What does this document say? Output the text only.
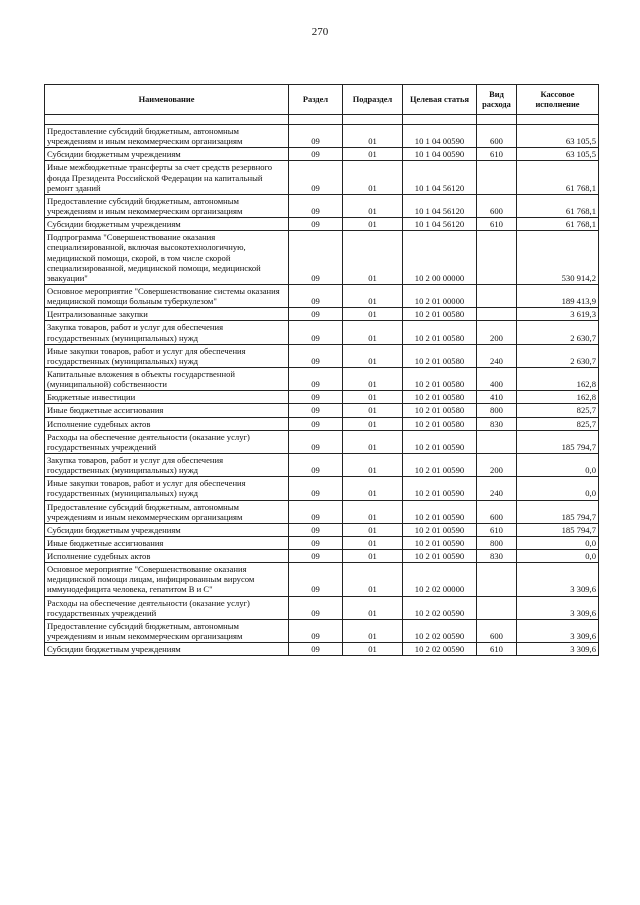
270
Наименование	Раздел	Подраздел	Целевая статья	Вид расхода	Кассовое исполнение

Предоставление субсидий бюджетным, автономным учреждениям и иным некоммерческим организациям	09	01	10 1 04 00590	600	63 105,5
Субсидии бюджетным учреждениям	09	01	10 1 04 00590	610	63 105,5
Иные межбюджетные трансферты за счет средств резервного фонда Президента Российской Федерации на капитальный ремонт зданий	09	01	10 1 04 56120		61 768,1
Предоставление субсидий бюджетным, автономным учреждениям и иным некоммерческим организациям	09	01	10 1 04 56120	600	61 768,1
Субсидии бюджетным учреждениям	09	01	10 1 04 56120	610	61 768,1
Подпрограмма "Совершенствование оказания специализированной, включая высокотехнологичную, медицинской помощи, скорой, в том числе скорой специализированной, медицинской помощи, медицинской эвакуации"	09	01	10 2 00 00000		530 914,2
Основное мероприятие "Совершенствование системы оказания медицинской помощи больным туберкулезом"	09	01	10 2 01 00000		189 413,9
Централизованные закупки	09	01	10 2 01 00580		3 619,3
Закупка товаров, работ и услуг для обеспечения государственных (муниципальных) нужд	09	01	10 2 01 00580	200	2 630,7
Иные закупки товаров, работ и услуг для обеспечения государственных (муниципальных) нужд	09	01	10 2 01 00580	240	2 630,7
Капитальные вложения в объекты государственной (муниципальной) собственности	09	01	10 2 01 00580	400	162,8
Бюджетные инвестиции	09	01	10 2 01 00580	410	162,8
Иные бюджетные ассигнования	09	01	10 2 01 00580	800	825,7
Исполнение судебных актов	09	01	10 2 01 00580	830	825,7
Расходы на обеспечение деятельности (оказание услуг) государственных учреждений	09	01	10 2 01 00590		185 794,7
Закупка товаров, работ и услуг для обеспечения государственных (муниципальных) нужд	09	01	10 2 01 00590	200	0,0
Иные закупки товаров, работ и услуг для обеспечения государственных (муниципальных) нужд	09	01	10 2 01 00590	240	0,0
Предоставление субсидий бюджетным, автономным учреждениям и иным некоммерческим организациям	09	01	10 2 01 00590	600	185 794,7
Субсидии бюджетным учреждениям	09	01	10 2 01 00590	610	185 794,7
Иные бюджетные ассигнования	09	01	10 2 01 00590	800	0,0
Исполнение судебных актов	09	01	10 2 01 00590	830	0,0
Основное мероприятие "Совершенствование оказания медицинской помощи лицам, инфицированным вирусом иммунодефицита человека, гепатитом В и С"	09	01	10 2 02 00000		3 309,6
Расходы на обеспечение деятельности (оказание услуг) государственных учреждений	09	01	10 2 02 00590		3 309,6
Предоставление субсидий бюджетным, автономным учреждениям и иным некоммерческим организациям	09	01	10 2 02 00590	600	3 309,6
Субсидии бюджетным учреждениям	09	01	10 2 02 00590	610	3 309,6
